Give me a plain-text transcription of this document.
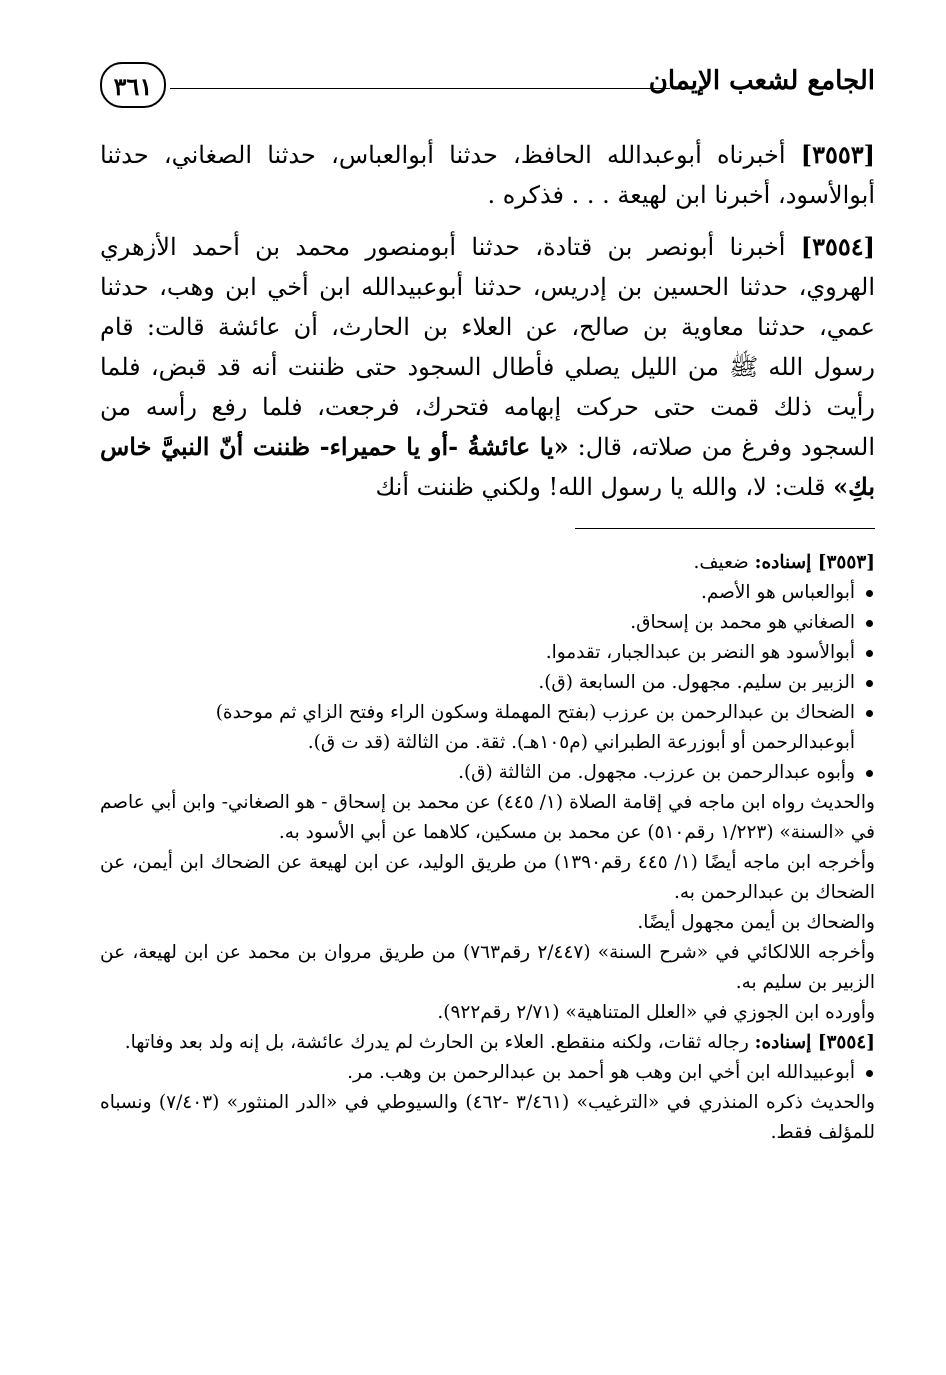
الجامع لشعب الإيمان
٣٦١

[٣٥٥٣] أخبرناه أبوعبدالله الحافظ، حدثنا أبوالعباس، حدثنا الصغاني، حدثنا أبوالأسود، أخبرنا ابن لهيعة . . . فذكره .

[٣٥٥٤] أخبرنا أبونصر بن قتادة، حدثنا أبومنصور محمد بن أحمد الأزهري الهروي، حدثنا الحسين بن إدريس، حدثنا أبوعبيدالله ابن أخي ابن وهب، حدثنا عمي، حدثنا معاوية بن صالح، عن العلاء بن الحارث، أن عائشة قالت: قام رسول الله ﷺ من الليل يصلي فأطال السجود حتى ظننت أنه قد قبض، فلما رأيت ذلك قمت حتى حركت إبهامه فتحرك، فرجعت، فلما رفع رأسه من السجود وفرغ من صلاته، قال: «يا عائشةُ -أو يا حميراء- ظننت أنّ النبيَّ خاس بكِ» قلت: لا، والله يا رسول الله! ولكني ظننت أنك

[٣٥٥٣] إسناده: ضعيف.

أبوالعباس هو الأصم.

الصغاني هو محمد بن إسحاق.

أبوالأسود هو النضر بن عبدالجبار، تقدموا.

الزبير بن سليم. مجهول. من السابعة (ق).

الضحاك بن عبدالرحمن بن عرزب (بفتح المهملة وسكون الراء وفتح الزاي ثم موحدة)
أبوعبدالرحمن أو أبوزرعة الطبراني (م١٠٥هـ). ثقة. من الثالثة (قد ت ق).

وأبوه عبدالرحمن بن عرزب. مجهول. من الثالثة (ق).

والحديث رواه ابن ماجه في إقامة الصلاة (١/ ٤٤٥) عن محمد بن إسحاق - هو الصغاني- وابن أبي عاصم في «السنة» (١/٢٢٣ رقم٥١٠) عن محمد بن مسكين، كلاهما عن أبي الأسود به.

وأخرجه ابن ماجه أيضًا (١/ ٤٤٥ رقم١٣٩٠) من طريق الوليد، عن ابن لهيعة عن الضحاك ابن أيمن، عن الضحاك بن عبدالرحمن به.

والضحاك بن أيمن مجهول أيضًا.

وأخرجه اللالكائي في «شرح السنة» (٢/٤٤٧ رقم٧٦٣) من طريق مروان بن محمد عن ابن لهيعة، عن الزبير بن سليم به.

وأورده ابن الجوزي في «العلل المتناهية» (٢/٧١ رقم٩٢٢).

[٣٥٥٤] إسناده: رجاله ثقات، ولكنه منقطع. العلاء بن الحارث لم يدرك عائشة، بل إنه ولد بعد وفاتها.

أبوعبيدالله ابن أخي ابن وهب هو أحمد بن عبدالرحمن بن وهب. مر.

والحديث ذكره المنذري في «الترغيب» (٣/٤٦١ -٤٦٢) والسيوطي في «الدر المنثور» (٧/٤٠٣) ونسباه للمؤلف فقط.
